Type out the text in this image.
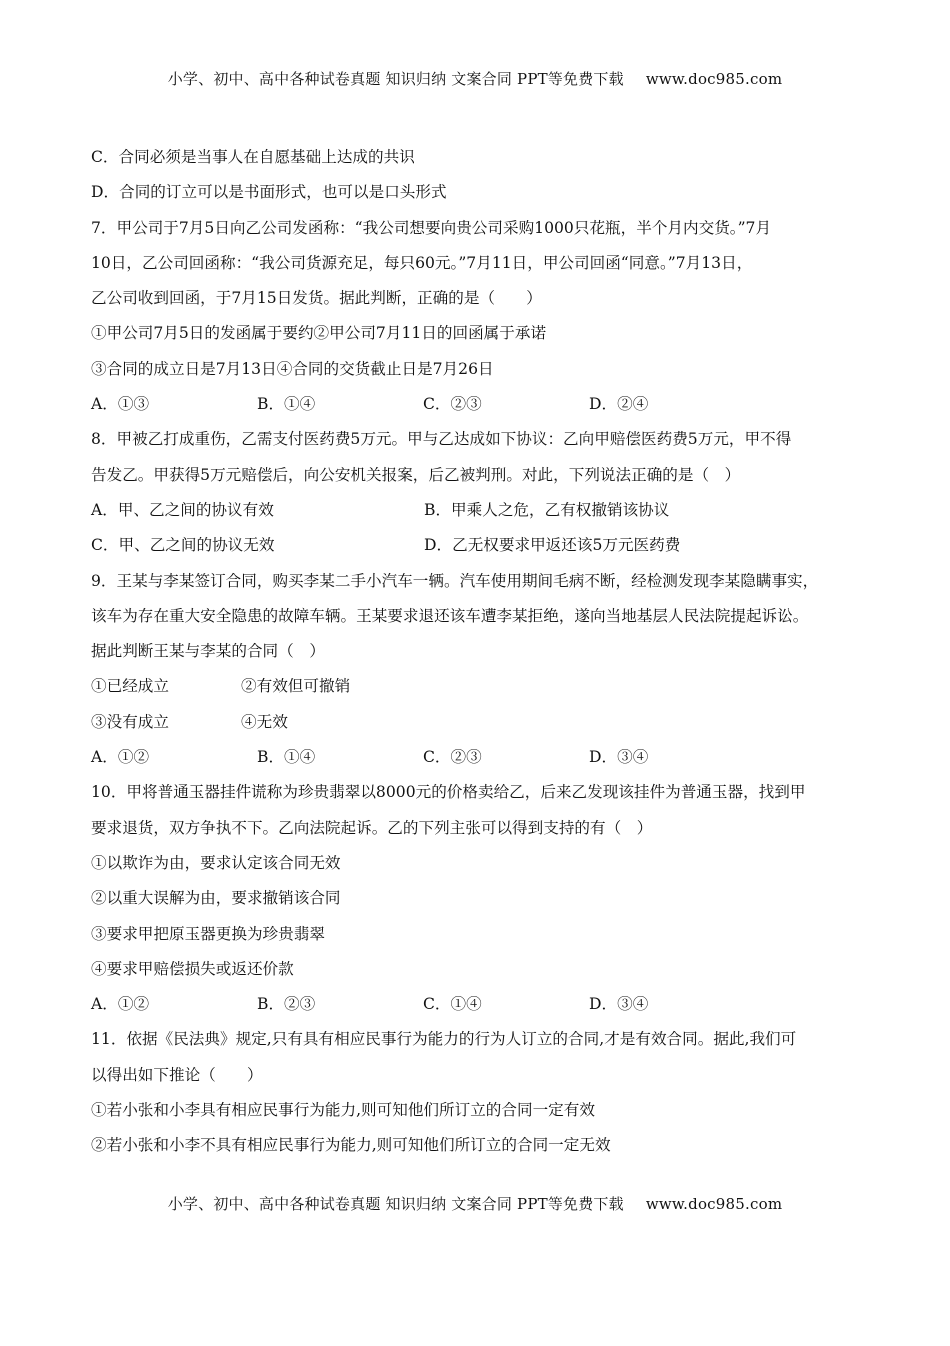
小学、初中、高中各种试卷真题 知识归纳 文案合同 PPT等免费下载 www.doc985.com
C．合同必须是当事人在自愿基础上达成的共识
D．合同的订立可以是书面形式，也可以是口头形式
7．甲公司于7月5日向乙公司发函称：“我公司想要向贵公司采购1000只花瓶，半个月内交货。”7月
10日，乙公司回函称：“我公司货源充足，每只60元。”7月11日，甲公司回函“同意。”7月13日，
乙公司收到回函，于7月15日发货。据此判断，正确的是（　　）
①甲公司7月5日的发函属于要约②甲公司7月11日的回函属于承诺
③合同的成立日是7月13日④合同的交货截止日是7月26日
A．①③	B．①④	C．②③	D．②④
8．甲被乙打成重伤，乙需支付医药费5万元。甲与乙达成如下协议：乙向甲赔偿医药费5万元，甲不得
告发乙。甲获得5万元赔偿后，向公安机关报案，后乙被判刑。对此，下列说法正确的是（　）
A．甲、乙之间的协议有效	B．甲乘人之危，乙有权撤销该协议
C．甲、乙之间的协议无效	D．乙无权要求甲返还该5万元医药费
9．王某与李某签订合同，购买李某二手小汽车一辆。汽车使用期间毛病不断，经检测发现李某隐瞒事实，
该车为存在重大安全隐患的故障车辆。王某要求退还该车遭李某拒绝，遂向当地基层人民法院提起诉讼。
据此判断王某与李某的合同（　）
①已经成立	②有效但可撤销
③没有成立	④无效
A．①②	B．①④	C．②③	D．③④
10．甲将普通玉器挂件谎称为珍贵翡翠以8000元的价格卖给乙，后来乙发现该挂件为普通玉器，找到甲
要求退货，双方争执不下。乙向法院起诉。乙的下列主张可以得到支持的有（　）
①以欺诈为由，要求认定该合同无效
②以重大误解为由，要求撤销该合同
③要求甲把原玉器更换为珍贵翡翠
④要求甲赔偿损失或返还价款
A．①②	B．②③	C．①④	D．③④
11．依据《民法典》规定,只有具有相应民事行为能力的行为人订立的合同,才是有效合同。据此,我们可
以得出如下推论（　　）
①若小张和小李具有相应民事行为能力,则可知他们所订立的合同一定有效
②若小张和小李不具有相应民事行为能力,则可知他们所订立的合同一定无效
小学、初中、高中各种试卷真题 知识归纳 文案合同 PPT等免费下载 www.doc985.com
